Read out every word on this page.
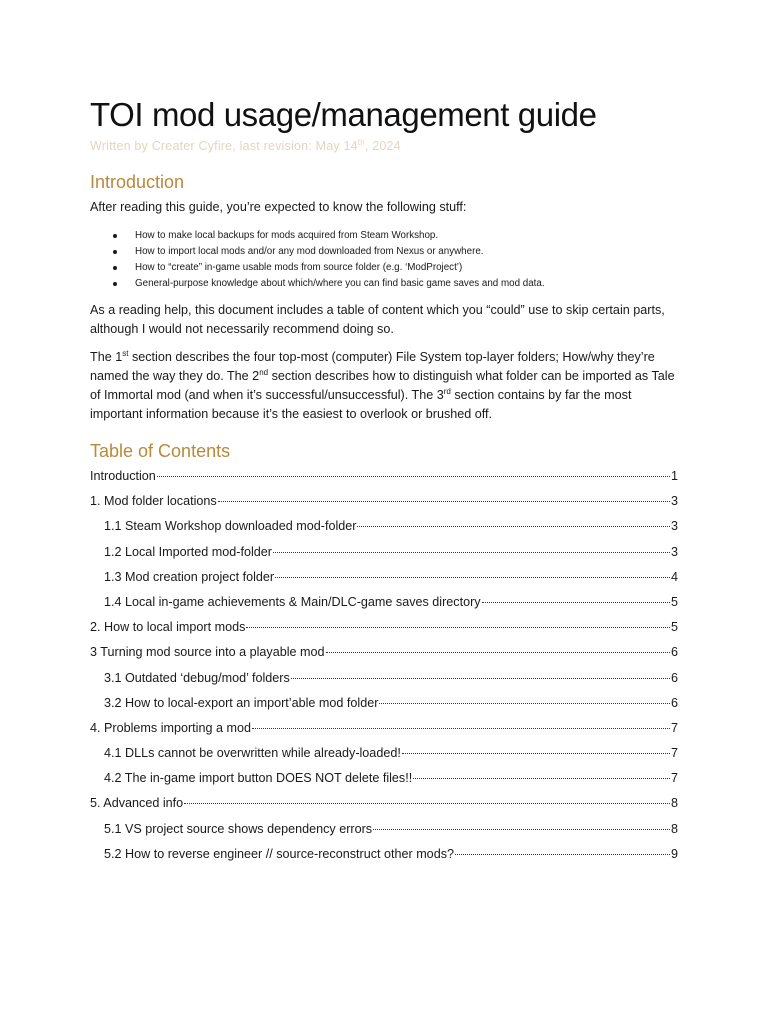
TOI mod usage/management guide
Written by Creater Cyfire, last revision: May 14th, 2024
Introduction

After reading this guide, you’re expected to know the following stuff:

How to make local backups for mods acquired from Steam Workshop.
How to import local mods and/or any mod downloaded from Nexus or anywhere.
How to “create” in-game usable mods from source folder (e.g. ‘ModProject’)
General-purpose knowledge about which/where you can find basic game saves and mod data.

As a reading help, this document includes a table of content which you “could” use to skip certain parts, although I would not necessarily recommend doing so.

The 1st section describes the four top-most (computer) File System top-layer folders; How/why they’re named the way they do. The 2nd section describes how to distinguish what folder can be imported as Tale of Immortal mod (and when it’s successful/unsuccessful). The 3rd section contains by far the most important information because it’s the easiest to overlook or brushed off.

Table of Contents
Introduction	1
1. Mod folder locations	3
1.1 Steam Workshop downloaded mod-folder	3
1.2 Local Imported mod-folder	3
1.3 Mod creation project folder	4
1.4 Local in-game achievements & Main/DLC-game saves directory	5
2. How to local import mods	5
3 Turning mod source into a playable mod	6
3.1 Outdated ‘debug/mod’ folders	6
3.2 How to local-export an import’able mod folder	6
4. Problems importing a mod	7
4.1 DLLs cannot be overwritten while already-loaded!	7
4.2 The in-game import button DOES NOT delete files!!	7
5. Advanced info	8
5.1 VS project source shows dependency errors	8
5.2 How to reverse engineer // source-reconstruct other mods?	9
